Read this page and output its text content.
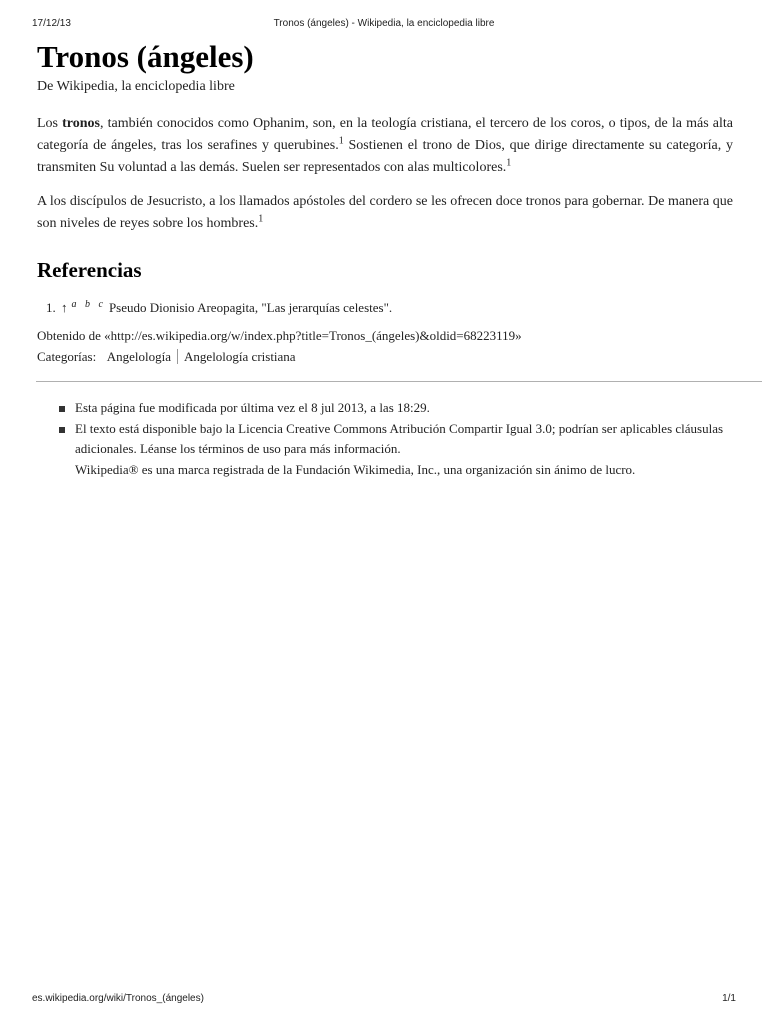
17/12/13	Tronos (ángeles) - Wikipedia, la enciclopedia libre
Tronos (ángeles)
De Wikipedia, la enciclopedia libre

Los tronos, también conocidos como Ophanim, son, en la teología cristiana, el tercero de los coros, o tipos, de la más alta categoría de ángeles, tras los serafines y querubines.$^1$ Sostienen el trono de Dios, que dirige directamente su categoría, y transmiten Su voluntad a las demás. Suelen ser representados con alas multicolores.$^1$

A los discípulos de Jesucristo, a los llamados apóstoles del cordero se les ofrecen doce tronos para gobernar. De manera que son niveles de reyes sobre los hombres.$^1$

Referencias
1. ↑ $^{a b c}$ Pseudo Dionisio Areopagita, "Las jerarquías celestes".
Obtenido de «http://es.wikipedia.org/w/index.php?title=Tronos_(ángeles)&oldid=68223119»
Categorías: Angelología Angelología cristiana
Esta página fue modificada por última vez el 8 jul 2013, a las 18:29.
El texto está disponible bajo la Licencia Creative Commons Atribución Compartir Igual 3.0; podrían ser aplicables cláusulas adicionales. Léanse los términos de uso para más información.
Wikipedia® es una marca registrada de la Fundación Wikimedia, Inc., una organización sin ánimo de lucro.
es.wikipedia.org/wiki/Tronos_(ángeles)	1/1
